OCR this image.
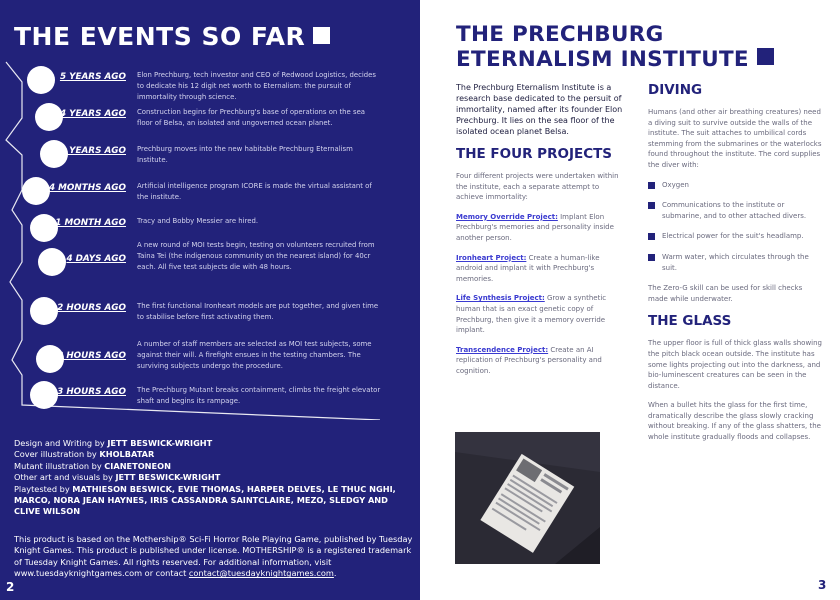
THE EVENTS SO FAR
5 YEARS AGO Elon Prechburg, tech investor and CEO of Redwood Logistics, decides to dedicate his 12 digit net worth to Eternalism: the pursuit of immortality through science.
4 YEARS AGO Construction begins for Prechburg's base of operations on the sea floor of Belsa, an isolated and ungoverned ocean planet.
2 YEARS AGO Prechburg moves into the new habitable Prechburg Eternalism Institute.
4 MONTHS AGO Artificial intelligence program ICORE is made the virtual assistant of the institute.
1 MONTH AGO Tracy and Bobby Messier are hired.
4 DAYS AGO
A new round of MOI tests begin, testing on volunteers recruited from Taina Tei (the indigenous community on the nearest island) for 40cr each. All five test subjects die with 48 hours.
12 HOURS AGO The first functional Ironheart models are put together, and given time to stabilise before first activating them.
8 HOURS AGO
A number of staff members are selected as MOI test subjects, some against their will. A firefight ensues in the testing chambers. The surviving subjects undergo the procedure.
3 HOURS AGO The Prechburg Mutant breaks containment, climbs the freight elevator shaft and begins its rampage.
Design and Writing by JETT BESWICK-WRIGHT
Cover illustration by KHOLBATAR
Mutant illustration by CIANETONEON
Other art and visuals by JETT BESWICK-WRIGHT
Playtested by MATHIESON BESWICK, EVIE THOMAS, HARPER DELVES, LE THUC NGHI, MARCO, NORA JEAN HAYNES, IRIS CASSANDRA SAINTCLAIRE, MEZO, SLEDGY AND CLIVE WILSON
This product is based on the Mothership® Sci-Fi Horror Role Playing Game, published by Tuesday Knight Games. This product is published under license. MOTHERSHIP® is a registered trademark of Tuesday Knight Games. All rights reserved. For additional information, visit www.tuesdayknightgames.com or contact contact@tuesdayknightgames.com.
2
THE PRECHBURG
ETERNALISM INSTITUTE
The Prechburg Eternalism Institute is a research base dedicated to the persuit of immortality, named after its founder Elon Prechburg. It lies on the sea floor of the isolated ocean planet Belsa.
THE FOUR PROJECTS
Four different projects were undertaken within the institute, each a separate attempt to achieve immortality:
Memory Override Project: Implant Elon Prechburg's memories and personality inside another person.
Ironheart Project: Create a human-like android and implant it with Prechburg's memories.
Life Synthesis Project: Grow a synthetic human that is an exact genetic copy of Prechburg, then give it a memory override implant.
Transcendence Project: Create an AI replication of Prechburg's personality and cognition.
DIVING
Humans (and other air breathing creatures) need a diving suit to survive outside the walls of the institute. The suit attaches to umbilical cords stemming from the submarines or the waterlocks found throughout the institute. The cord supplies the diver with:
Oxygen
Communications to the institute or submarine, and to other attached divers.
Electrical power for the suit's headlamp.
Warm water, which circulates through the suit.
The Zero-G skill can be used for skill checks made while underwater.
THE GLASS
The upper floor is full of thick glass walls showing the pitch black ocean outside. The institute has some lights projecting out into the darkness, and bio-luminescent creatures can be seen in the distance.
When a bullet hits the glass for the first time, dramatically describe the glass slowly cracking without breaking. If any of the glass shatters, the whole institute gradually floods and collapses.
3
